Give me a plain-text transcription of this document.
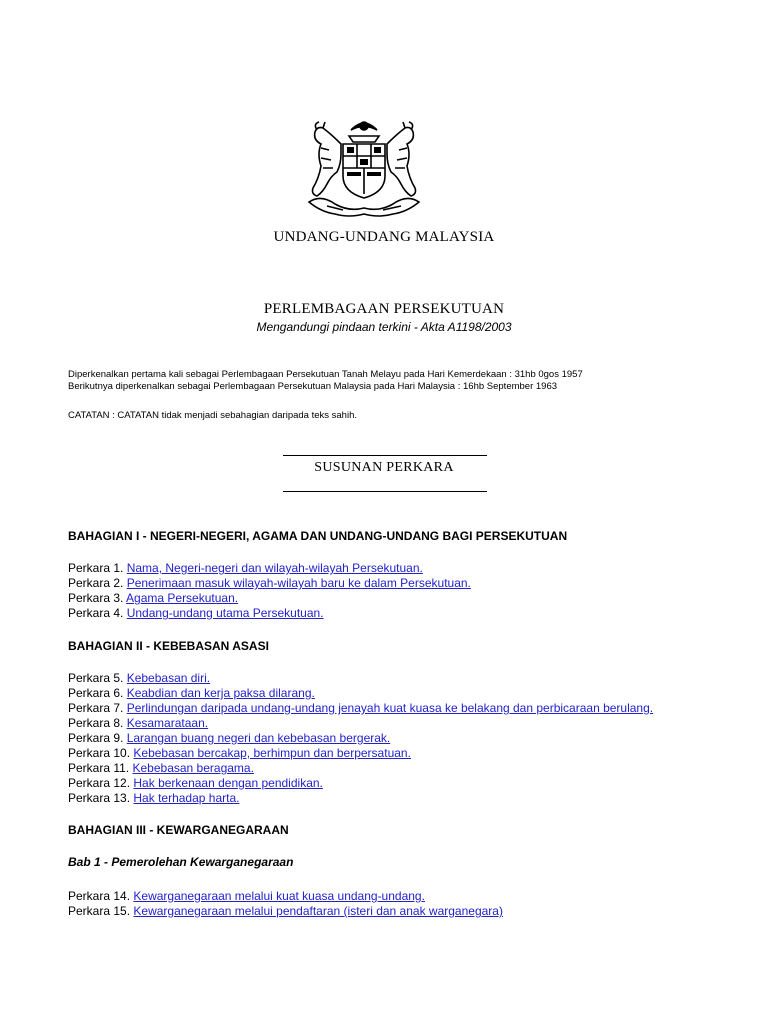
UNDANG-UNDANG MALAYSIA
PERLEMBAGAAN PERSEKUTUAN
Mengandungi pindaan terkini - Akta A1198/2003
Diperkenalkan pertama kali sebagai Perlembagaan Persekutuan Tanah Melayu pada Hari Kemerdekaan : 31hb 0gos 1957
Berikutnya diperkenalkan sebagai Perlembagaan Persekutuan Malaysia pada Hari Malaysia : 16hb September 1963
CATATAN : CATATAN tidak menjadi sebahagian daripada teks sahih.
SUSUNAN PERKARA
BAHAGIAN I - NEGERI-NEGERI, AGAMA DAN UNDANG-UNDANG BAGI PERSEKUTUAN
Perkara 1. Nama, Negeri-negeri dan wilayah-wilayah Persekutuan.
Perkara 2. Penerimaan masuk wilayah-wilayah baru ke dalam Persekutuan.
Perkara 3. Agama Persekutuan.
Perkara 4. Undang-undang utama Persekutuan.
BAHAGIAN II - KEBEBASAN ASASI
Perkara 5. Kebebasan diri.
Perkara 6. Keabdian dan kerja paksa dilarang.
Perkara 7. Perlindungan daripada undang-undang jenayah kuat kuasa ke belakang dan perbicaraan berulang.
Perkara 8. Kesamarataan.
Perkara 9. Larangan buang negeri dan kebebasan bergerak.
Perkara 10. Kebebasan bercakap, berhimpun dan berpersatuan.
Perkara 11. Kebebasan beragama.
Perkara 12. Hak berkenaan dengan pendidikan.
Perkara 13. Hak terhadap harta.
BAHAGIAN III - KEWARGANEGARAAN
Bab 1 - Pemerolehan Kewarganegaraan
Perkara 14. Kewarganegaraan melalui kuat kuasa undang-undang.
Perkara 15. Kewarganegaraan melalui pendaftaran (isteri dan anak warganegara)
